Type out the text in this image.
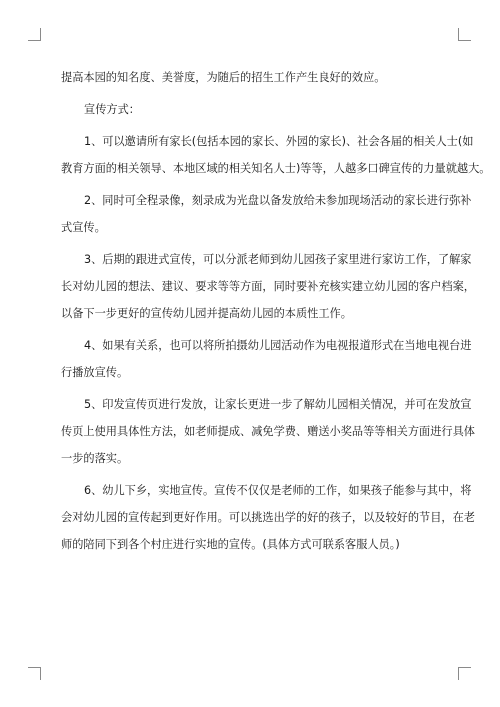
提高本园的知名度、美誉度，为随后的招生工作产生良好的效应。

宣传方式：

1、可以邀请所有家长(包括本园的家长、外园的家长)、社会各届的相关人士(如
教育方面的相关领导、本地区域的相关知名人士)等等，人越多口碑宣传的力量就越大。

2、同时可全程录像，刻录成为光盘以备发放给未参加现场活动的家长进行弥补
式宣传。

3、后期的跟进式宣传，可以分派老师到幼儿园孩子家里进行家访工作，了解家
长对幼儿园的想法、建议、要求等等方面，同时要补充核实建立幼儿园的客户档案，
以备下一步更好的宣传幼儿园并提高幼儿园的本质性工作。

4、如果有关系，也可以将所拍摄幼儿园活动作为电视报道形式在当地电视台进
行播放宣传。

5、印发宣传页进行发放，让家长更进一步了解幼儿园相关情况，并可在发放宣
传页上使用具体性方法，如老师提成、减免学费、赠送小奖品等等相关方面进行具体
一步的落实。

6、幼儿下乡，实地宣传。宣传不仅仅是老师的工作，如果孩子能参与其中，将
会对幼儿园的宣传起到更好作用。可以挑选出学的好的孩子，以及较好的节目，在老
师的陪同下到各个村庄进行实地的宣传。(具体方式可联系客服人员。)
